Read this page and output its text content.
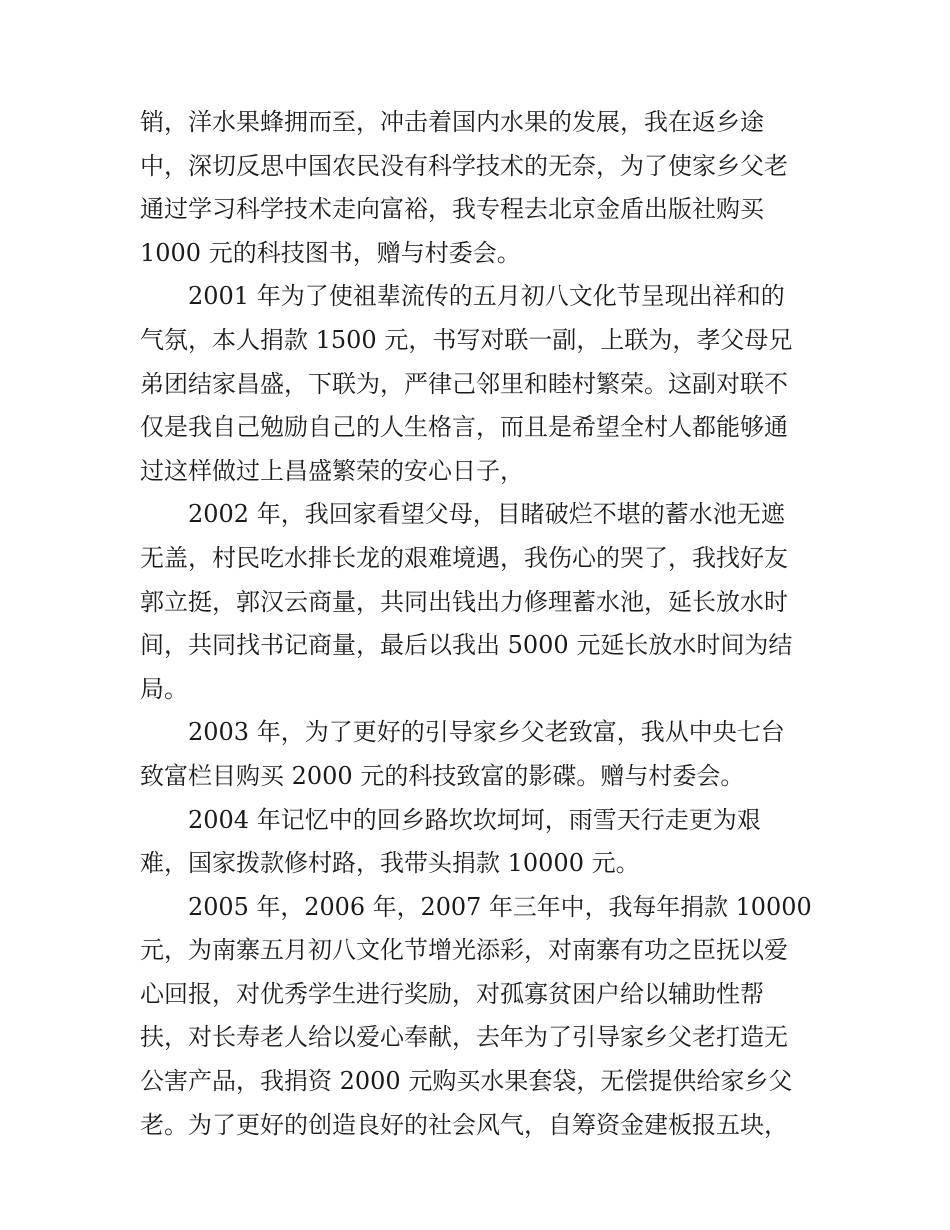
销，洋水果蜂拥而至，冲击着国内水果的发展，我在返乡途
中，深切反思中国农民没有科学技术的无奈，为了使家乡父老
通过学习科学技术走向富裕，我专程去北京金盾出版社购买
1000 元的科技图书，赠与村委会。
2001 年为了使祖辈流传的五月初八文化节呈现出祥和的
气氛，本人捐款 1500 元，书写对联一副，上联为，孝父母兄
弟团结家昌盛，下联为，严律己邻里和睦村繁荣。这副对联不
仅是我自己勉励自己的人生格言，而且是希望全村人都能够通
过这样做过上昌盛繁荣的安心日子，
2002 年，我回家看望父母，目睹破烂不堪的蓄水池无遮
无盖，村民吃水排长龙的艰难境遇，我伤心的哭了，我找好友
郭立挺，郭汉云商量，共同出钱出力修理蓄水池，延长放水时
间，共同找书记商量，最后以我出 5000 元延长放水时间为结
局。
2003 年，为了更好的引导家乡父老致富，我从中央七台
致富栏目购买 2000 元的科技致富的影碟。赠与村委会。
2004 年记忆中的回乡路坎坎坷坷，雨雪天行走更为艰
难，国家拨款修村路，我带头捐款 10000 元。
2005 年，2006 年，2007 年三年中，我每年捐款 10000
元，为南寨五月初八文化节增光添彩，对南寨有功之臣抚以爱
心回报，对优秀学生进行奖励，对孤寡贫困户给以辅助性帮
扶，对长寿老人给以爱心奉献，去年为了引导家乡父老打造无
公害产品，我捐资 2000 元购买水果套袋，无偿提供给家乡父
老。为了更好的创造良好的社会风气，自筹资金建板报五块，
